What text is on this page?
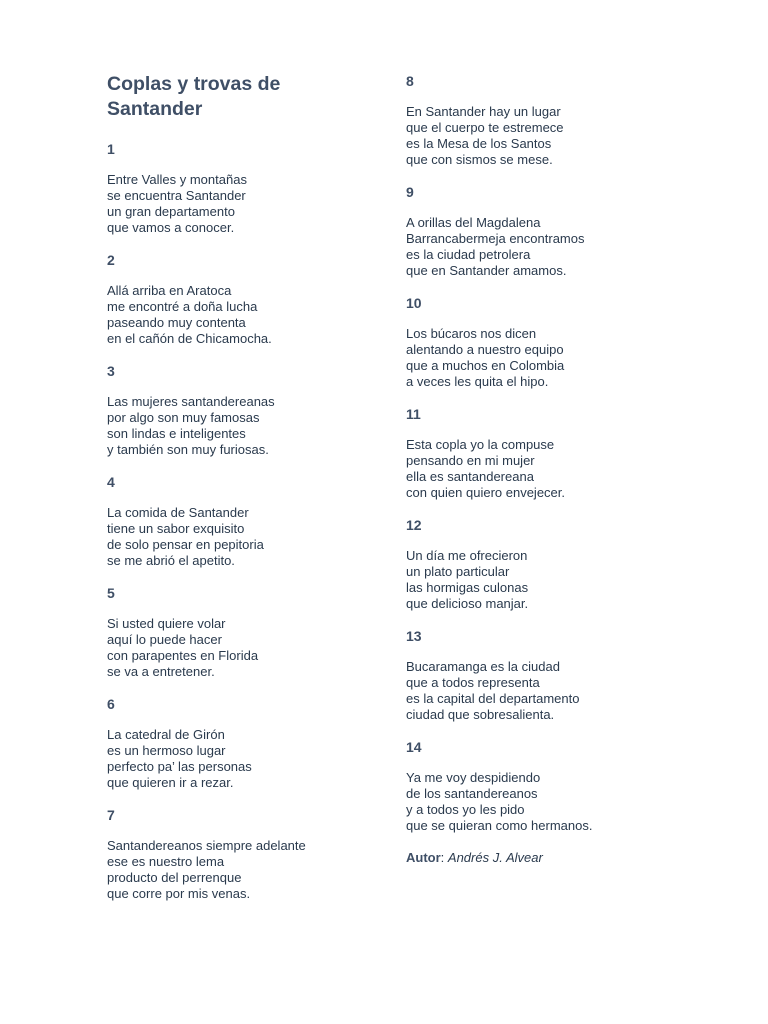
Coplas y trovas de Santander

1

Entre Valles y montañas
se encuentra Santander
un gran departamento
que vamos a conocer.

2

Allá arriba en Aratoca
me encontré a doña lucha
paseando muy contenta
en el cañón de Chicamocha.

3

Las mujeres santandereanas
por algo son muy famosas
son lindas e inteligentes
y también son muy furiosas.

4

La comida de Santander
tiene un sabor exquisito
de solo pensar en pepitoria
se me abrió el apetito.

5

Si usted quiere volar
aquí lo puede hacer
con parapentes en Florida
se va a entretener.

6

La catedral de Girón
es un hermoso lugar
perfecto pa’ las personas
que quieren ir a rezar.

7

Santandereanos siempre adelante
ese es nuestro lema
producto del perrenque
que corre por mis venas.

8

En Santander hay un lugar
que el cuerpo te estremece
es la Mesa de los Santos
que con sismos se mese.

9

A orillas del Magdalena
Barrancabermeja encontramos
es la ciudad petrolera
que en Santander amamos.

10

Los búcaros nos dicen
alentando a nuestro equipo
que a muchos en Colombia
a veces les quita el hipo.

11

Esta copla yo la compuse
pensando en mi mujer
ella es santandereana
con quien quiero envejecer.

12

Un día me ofrecieron
un plato particular
las hormigas culonas
que delicioso manjar.

13

Bucaramanga es la ciudad
que a todos representa
es la capital del departamento
ciudad que sobresalienta.

14

Ya me voy despidiendo
de los santandereanos
y a todos yo les pido
que se quieran como hermanos.

Autor: Andrés J. Alvear
